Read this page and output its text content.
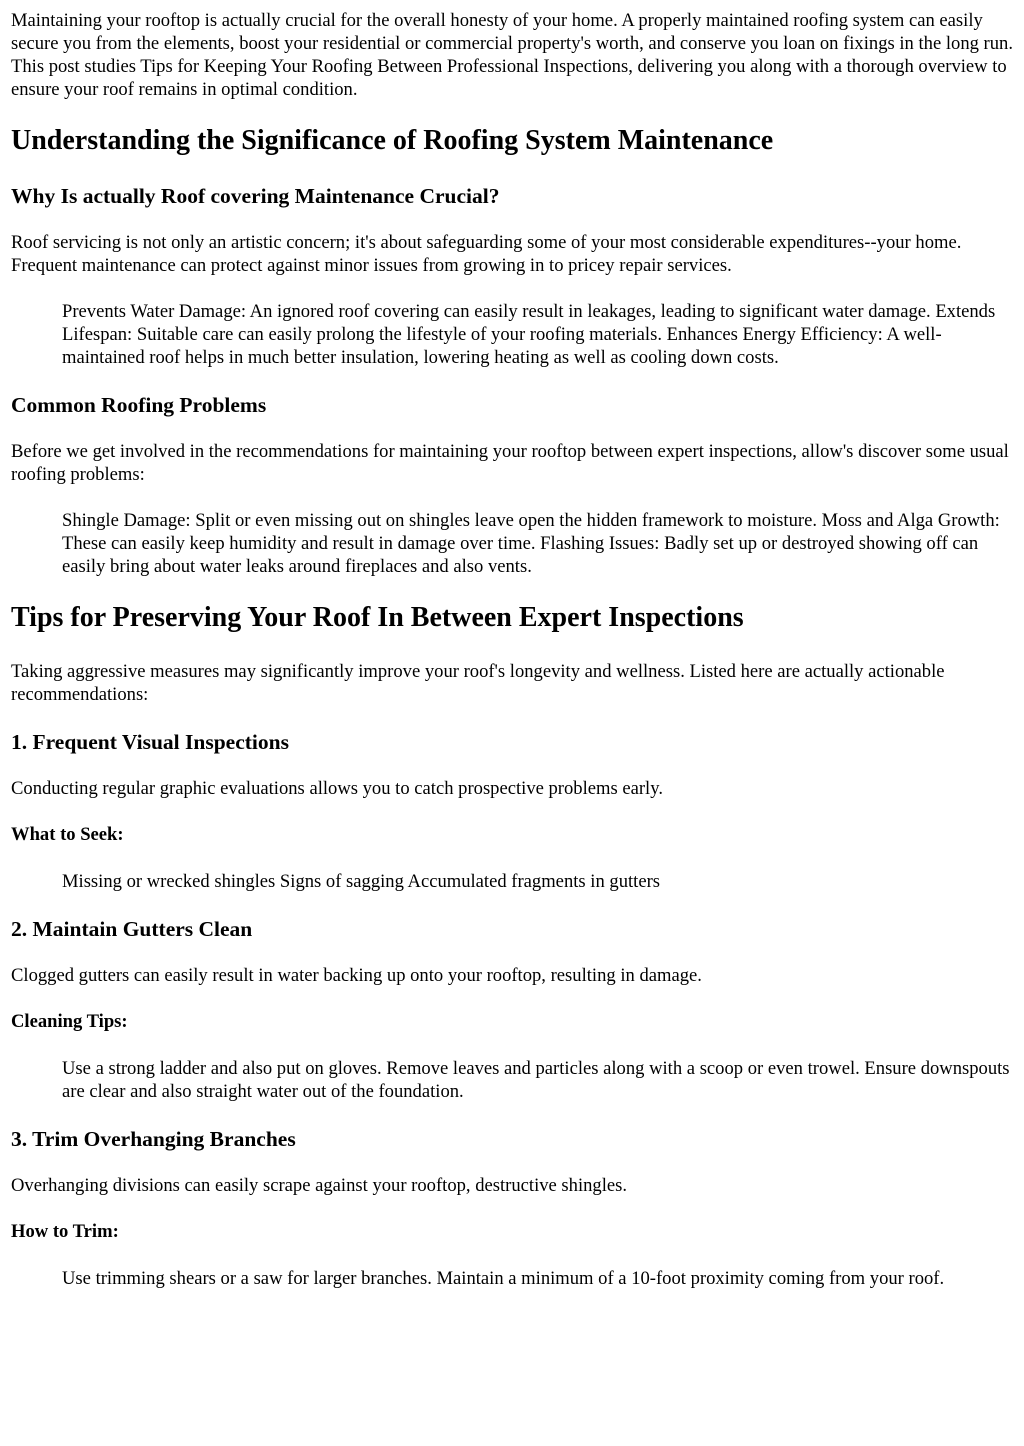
Maintaining your rooftop is actually crucial for the overall honesty of your home. A properly maintained roofing system can easily secure you from the elements, boost your residential or commercial property's worth, and conserve you loan on fixings in the long run. This post studies Tips for Keeping Your Roofing Between Professional Inspections, delivering you along with a thorough overview to ensure your roof remains in optimal condition.

Understanding the Significance of Roofing System Maintenance
Why Is actually Roof covering Maintenance Crucial?

Roof servicing is not only an artistic concern; it's about safeguarding some of your most considerable expenditures--your home. Frequent maintenance can protect against minor issues from growing in to pricey repair services.

Prevents Water Damage: An ignored roof covering can easily result in leakages, leading to significant water damage. Extends Lifespan: Suitable care can easily prolong the lifestyle of your roofing materials. Enhances Energy Efficiency: A well-maintained roof helps in much better insulation, lowering heating as well as cooling down costs.
Common Roofing Problems

Before we get involved in the recommendations for maintaining your rooftop between expert inspections, allow's discover some usual roofing problems:

Shingle Damage: Split or even missing out on shingles leave open the hidden framework to moisture. Moss and Alga Growth: These can easily keep humidity and result in damage over time. Flashing Issues: Badly set up or destroyed showing off can easily bring about water leaks around fireplaces and also vents.
Tips for Preserving Your Roof In Between Expert Inspections

Taking aggressive measures may significantly improve your roof's longevity and wellness. Listed here are actually actionable recommendations:

1. Frequent Visual Inspections

Conducting regular graphic evaluations allows you to catch prospective problems early.

What to Seek:
Missing or wrecked shingles Signs of sagging Accumulated fragments in gutters
2. Maintain Gutters Clean

Clogged gutters can easily result in water backing up onto your rooftop, resulting in damage.

Cleaning Tips:
Use a strong ladder and also put on gloves. Remove leaves and particles along with a scoop or even trowel. Ensure downspouts are clear and also straight water out of the foundation.
3. Trim Overhanging Branches

Overhanging divisions can easily scrape against your rooftop, destructive shingles.

How to Trim:
Use trimming shears or a saw for larger branches. Maintain a minimum of a 10-foot proximity coming from your roof.
